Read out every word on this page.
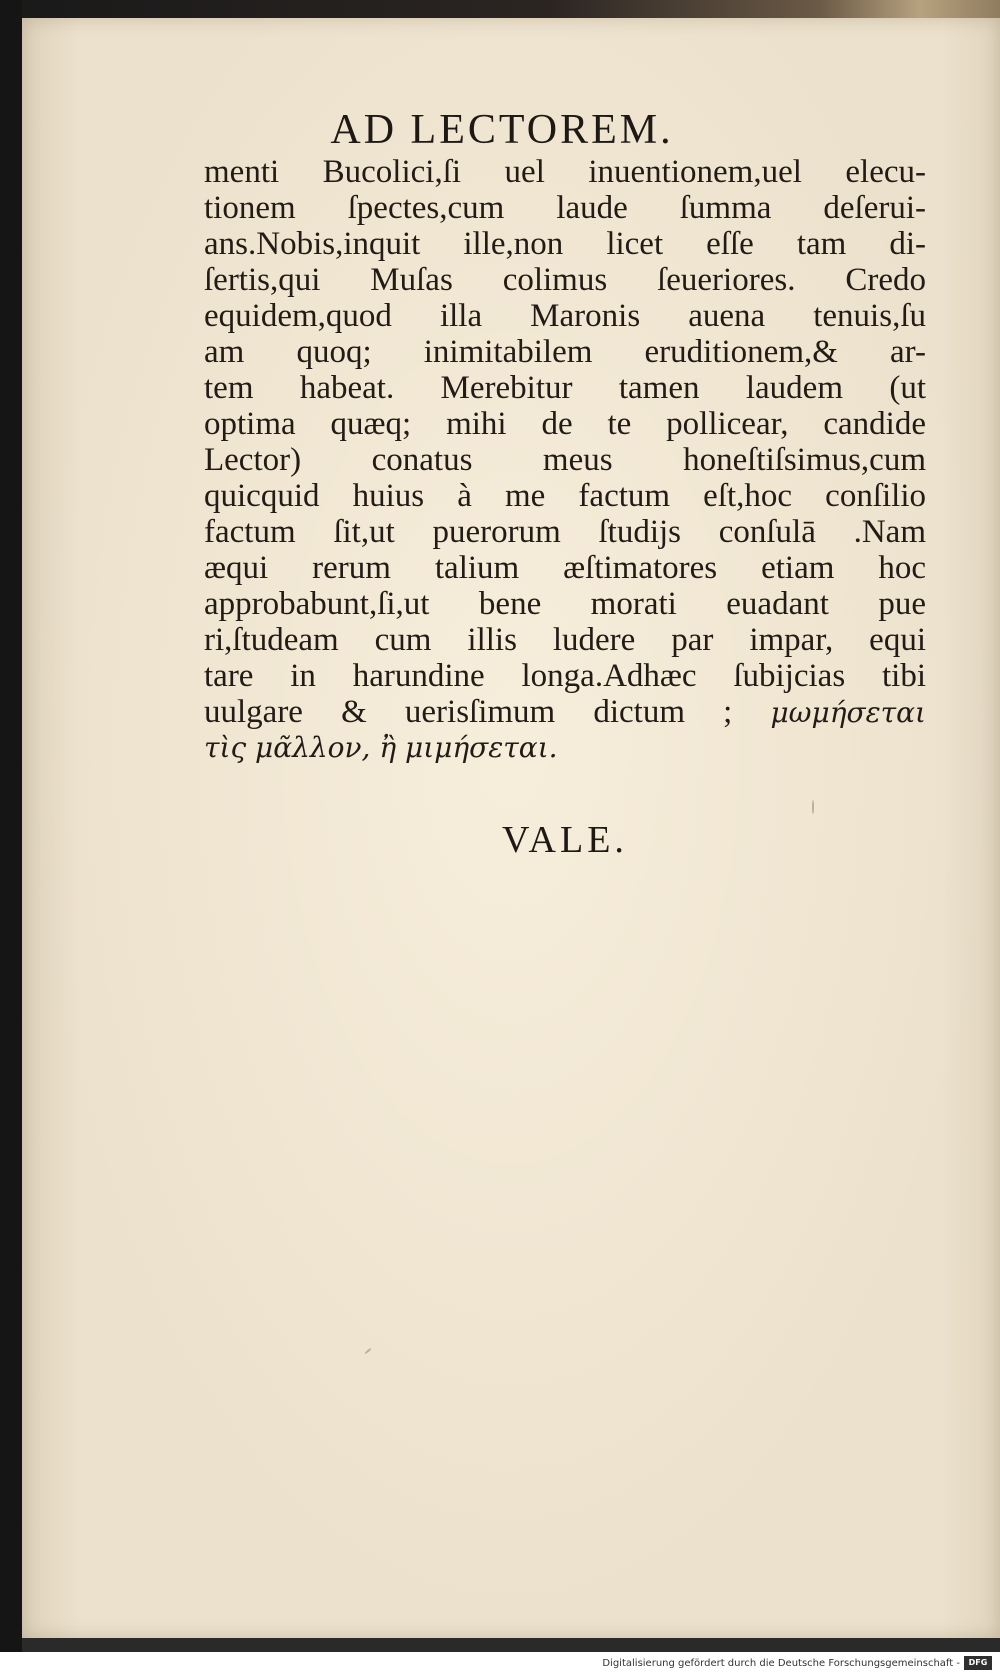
AD LECTOREM.
menti Bucolici,ſi uel inuentionem,uel elecu-
tionem ſpectes,cum laude ſumma deſerui-
ans.Nobis,inquit ille,non licet eſſe tam di-
ſertis,qui Muſas colimus ſeueriores. Credo
equidem,quod illa Maronis auena tenuis,ſu
am quoq; inimitabilem eruditionem,& ar-
tem habeat. Merebitur tamen laudem (ut
optima quæq; mihi de te pollicear, candide
Lector) conatus meus honeſtiſsimus,cum
quicquid huius à me factum eſt,hoc conſilio
factum ſit,ut puerorum ſtudijs conſulā .Nam
æqui rerum talium æſtimatores etiam hoc
approbabunt,ſi,ut bene morati euadant pue
ri,ſtudeam cum illis ludere par impar, equi
tare in harundine longa.Adhæc ſubijcias tibi
uulgare & uerisſimum dictum ; μωμήσεται
τὶς μᾶλλον, ἢ μιμήσεται.
VALE.
Digitalisierung gefördert durch die Deutsche Forschungsgemeinschaft -	DFG
